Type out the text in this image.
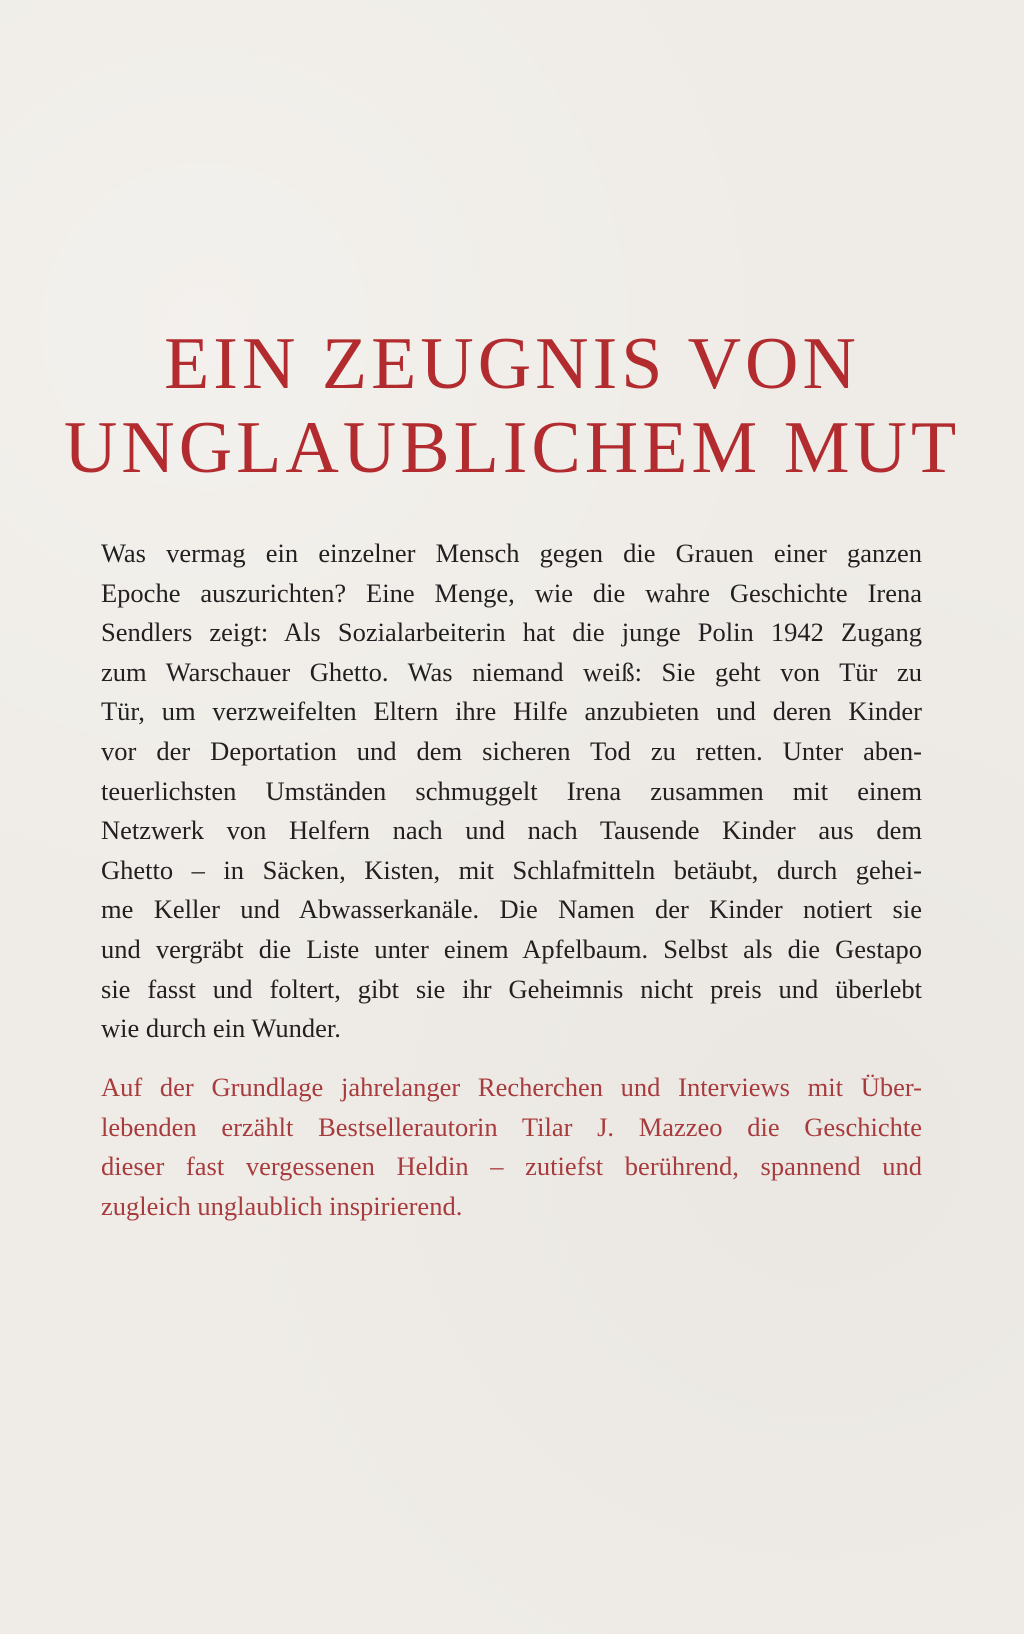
EIN ZEUGNIS VON
UNGLAUBLICHEM MUT
Was vermag ein einzelner Mensch gegen die Grauen einer ganzen
Epoche auszurichten? Eine Menge, wie die wahre Geschichte Irena
Sendlers zeigt: Als Sozialarbeiterin hat die junge Polin 1942 Zugang
zum Warschauer Ghetto. Was niemand weiß: Sie geht von Tür zu
Tür, um verzweifelten Eltern ihre Hilfe anzubieten und deren Kinder
vor der Deportation und dem sicheren Tod zu retten. Unter aben-
teuerlichsten Umständen schmuggelt Irena zusammen mit einem
Netzwerk von Helfern nach und nach Tausende Kinder aus dem
Ghetto – in Säcken, Kisten, mit Schlafmitteln betäubt, durch gehei-
me Keller und Abwasserkanäle. Die Namen der Kinder notiert sie
und vergräbt die Liste unter einem Apfelbaum. Selbst als die Gestapo
sie fasst und foltert, gibt sie ihr Geheimnis nicht preis und überlebt
wie durch ein Wunder.
Auf der Grundlage jahrelanger Recherchen und Interviews mit Über-
lebenden erzählt Bestsellerautorin Tilar J. Mazzeo die Geschichte
dieser fast vergessenen Heldin – zutiefst berührend, spannend und
zugleich unglaublich inspirierend.
